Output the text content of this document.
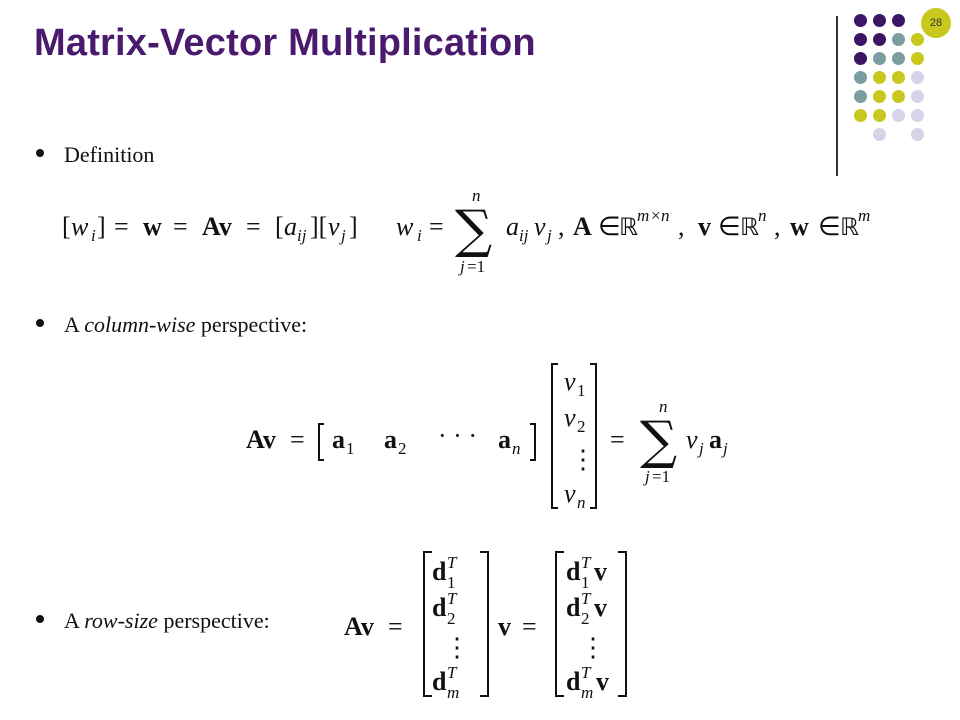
Matrix-Vector Multiplication	28
Definition
[ w i ] = w = Av = [ a ij ][ v j ] w i =
n
∑
j =1
a ij v j , A ∈
ℝ
m × n , v ∈ ℝ
n , w ∈ ℝ
m
A column-wise perspective:
Av = a 1 a 2 · · · a n
v 1
v 2
⋮
v n
=
n
∑
j =1
v j a j
A row-size perspective:	Av =
d 1
T
d 2
T
⋮
d m
T
v =
d 1
T v
d 2
T v
⋮
d m
T v
